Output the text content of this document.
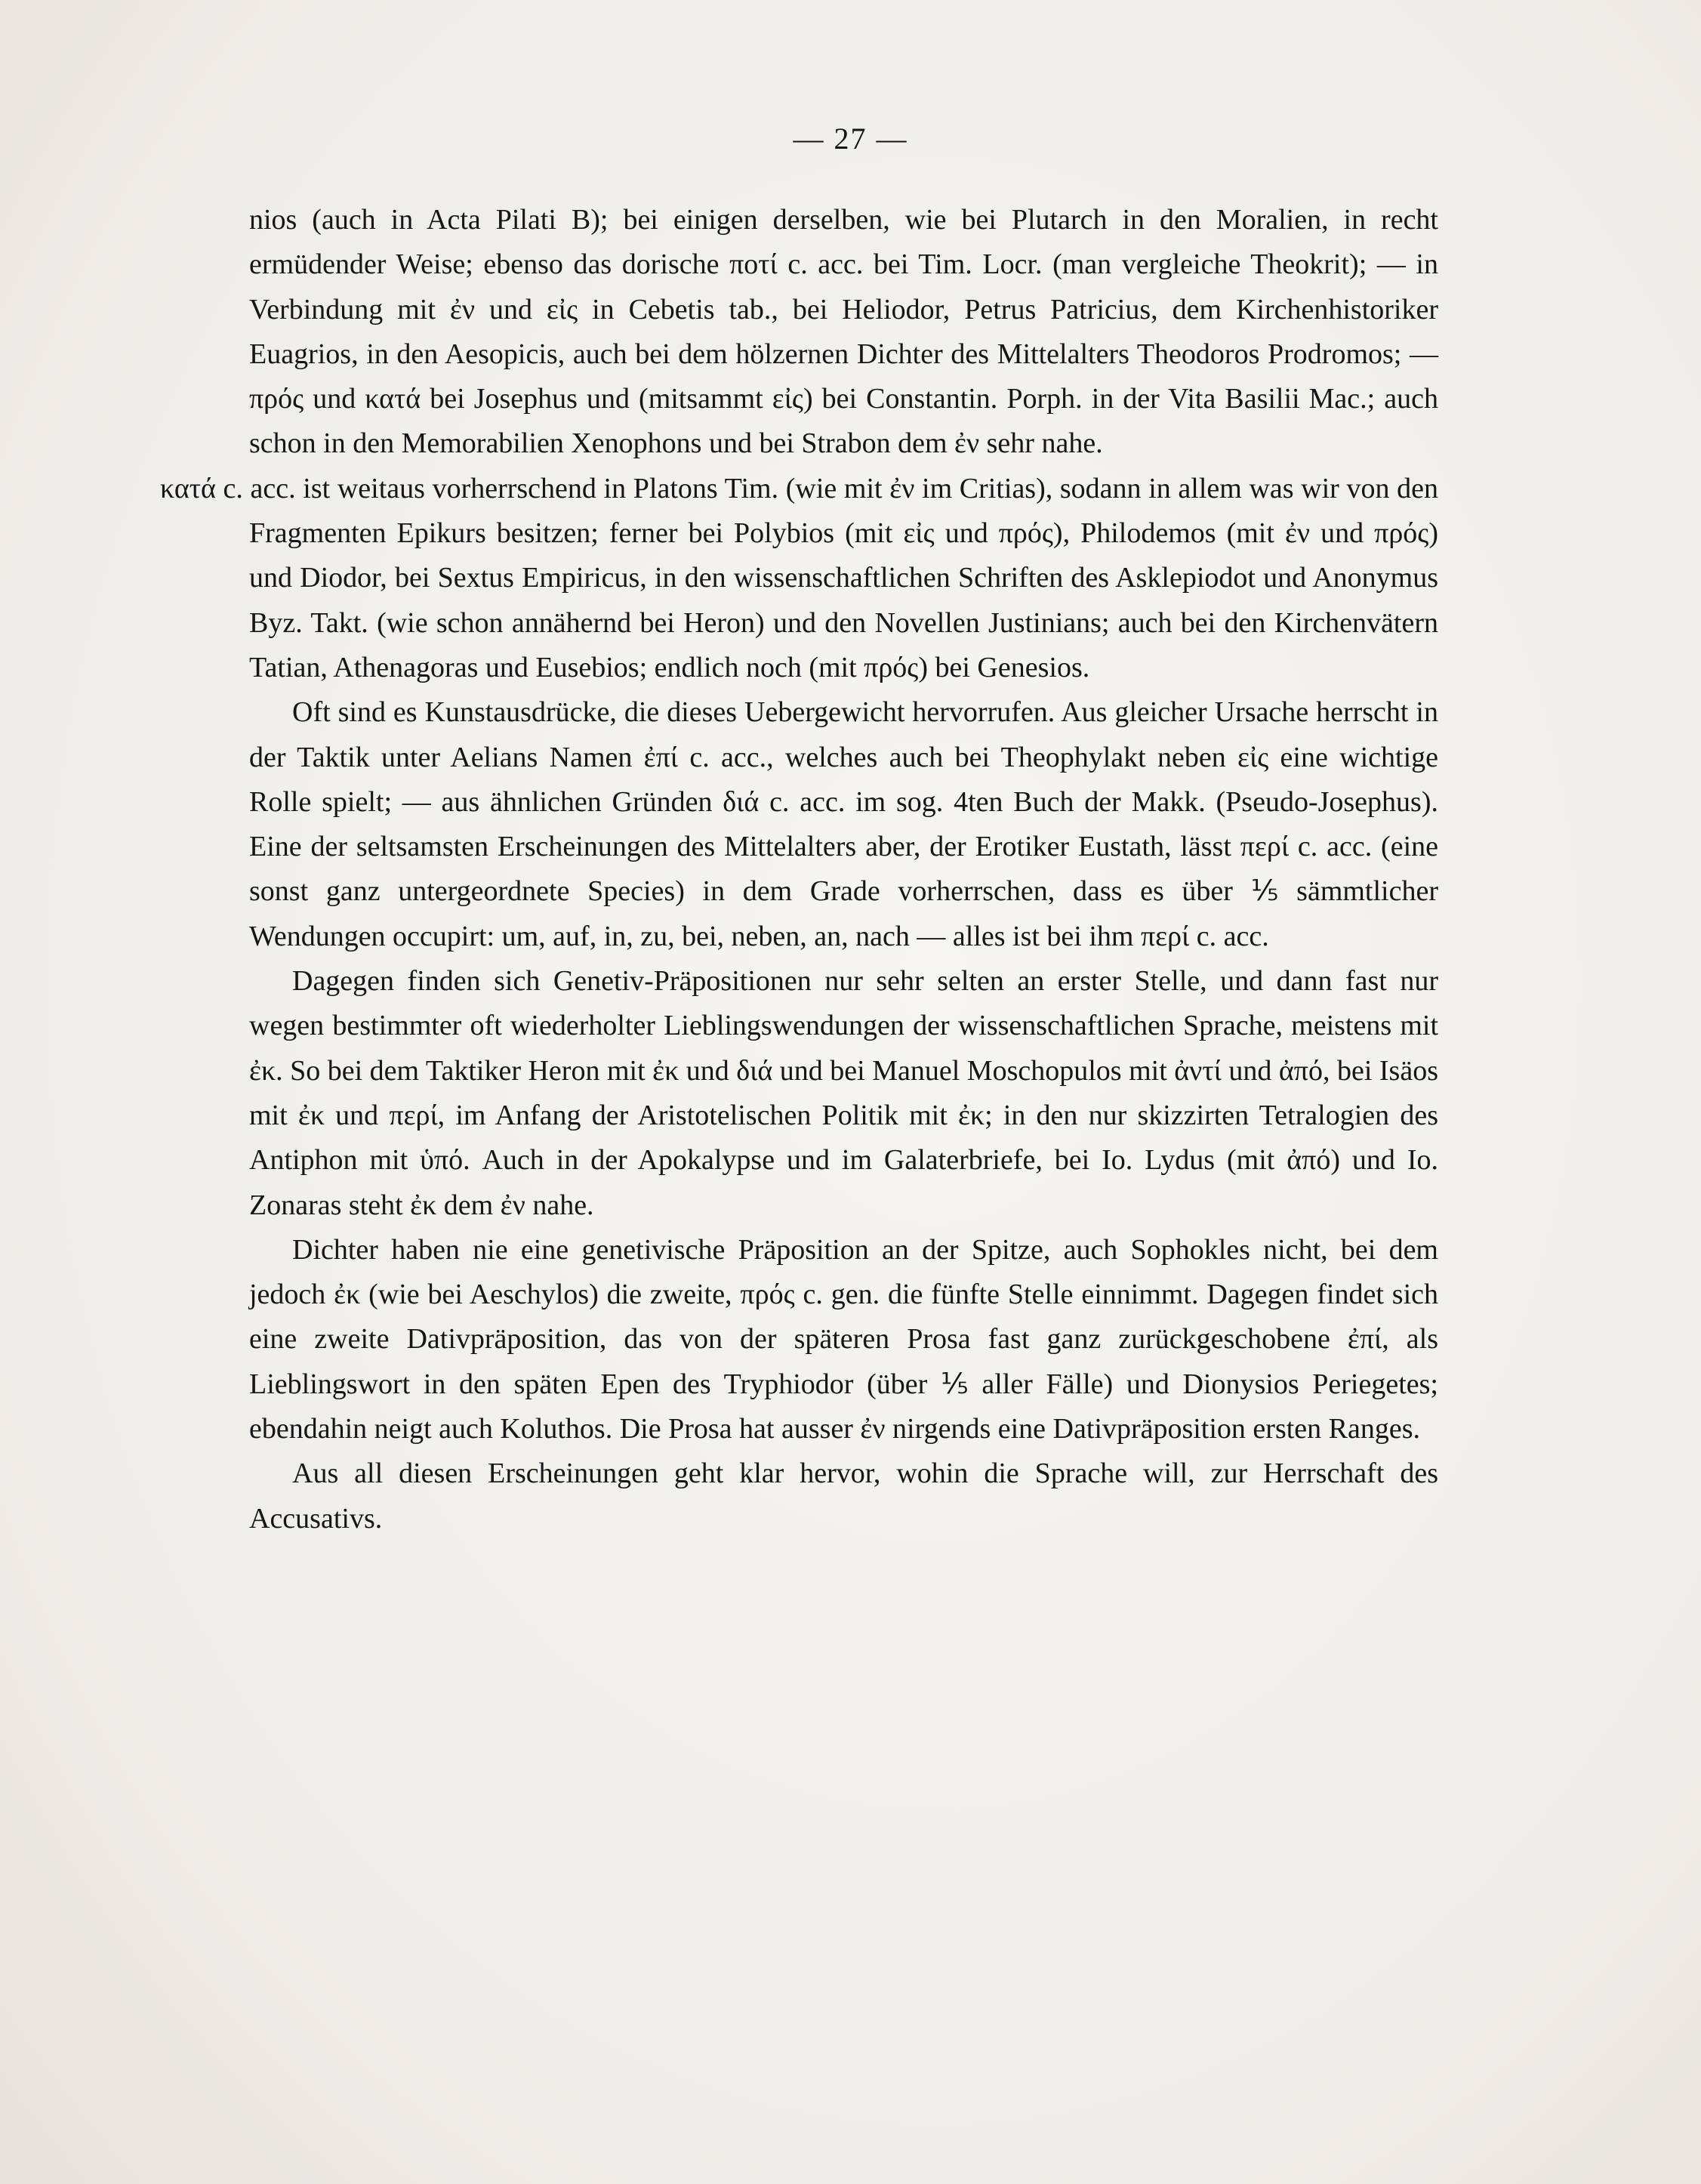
— 27 —

nios (auch in Acta Pilati B); bei einigen derselben, wie bei Plutarch in den Moralien, in recht ermüdender Weise; ebenso das dorische ποτί c. acc. bei Tim. Locr. (man vergleiche Theokrit); — in Verbindung mit ἐν und εἰς in Cebetis tab., bei Heliodor, Petrus Patricius, dem Kirchenhistoriker Euagrios, in den Aesopicis, auch bei dem hölzernen Dichter des Mittelalters Theodoros Prodromos; — πρός und κατά bei Josephus und (mitsammt εἰς) bei Constantin. Porph. in der Vita Basilii Mac.; auch schon in den Memorabilien Xenophons und bei Strabon dem ἐν sehr nahe.

κατά c. acc. ist weitaus vorherrschend in Platons Tim. (wie mit ἐν im Critias), sodann in allem was wir von den Fragmenten Epikurs besitzen; ferner bei Polybios (mit εἰς und πρός), Philodemos (mit ἐν und πρός) und Diodor, bei Sextus Empiricus, in den wissenschaftlichen Schriften des Asklepiodot und Anonymus Byz. Takt. (wie schon annähernd bei Heron) und den Novellen Justinians; auch bei den Kirchenvätern Tatian, Athenagoras und Eusebios; endlich noch (mit πρός) bei Genesios.

Oft sind es Kunstausdrücke, die dieses Uebergewicht hervorrufen. Aus gleicher Ursache herrscht in der Taktik unter Aelians Namen ἐπί c. acc., welches auch bei Theophylakt neben εἰς eine wichtige Rolle spielt; — aus ähnlichen Gründen διά c. acc. im sog. 4ten Buch der Makk. (Pseudo-Josephus). Eine der seltsamsten Erscheinungen des Mittelalters aber, der Erotiker Eustath, lässt περί c. acc. (eine sonst ganz untergeordnete Species) in dem Grade vorherrschen, dass es über ⅕ sämmtlicher Wendungen occupirt: um, auf, in, zu, bei, neben, an, nach — alles ist bei ihm περί c. acc.

Dagegen finden sich Genetiv-Präpositionen nur sehr selten an erster Stelle, und dann fast nur wegen bestimmter oft wiederholter Lieblingswendungen der wissenschaftlichen Sprache, meistens mit ἐκ. So bei dem Taktiker Heron mit ἐκ und διά und bei Manuel Moschopulos mit ἀντί und ἀπό, bei Isäos mit ἐκ und περί, im Anfang der Aristotelischen Politik mit ἐκ; in den nur skizzirten Tetralogien des Antiphon mit ὑπό. Auch in der Apokalypse und im Galaterbriefe, bei Io. Lydus (mit ἀπό) und Io. Zonaras steht ἐκ dem ἐν nahe.

Dichter haben nie eine genetivische Präposition an der Spitze, auch Sophokles nicht, bei dem jedoch ἐκ (wie bei Aeschylos) die zweite, πρός c. gen. die fünfte Stelle einnimmt. Dagegen findet sich eine zweite Dativpräposition, das von der späteren Prosa fast ganz zurückgeschobene ἐπί, als Lieblingswort in den späten Epen des Tryphiodor (über ⅕ aller Fälle) und Dionysios Periegetes; ebendahin neigt auch Koluthos. Die Prosa hat ausser ἐν nirgends eine Dativpräposition ersten Ranges.

Aus all diesen Erscheinungen geht klar hervor, wohin die Sprache will, zur Herrschaft des Accusativs.
